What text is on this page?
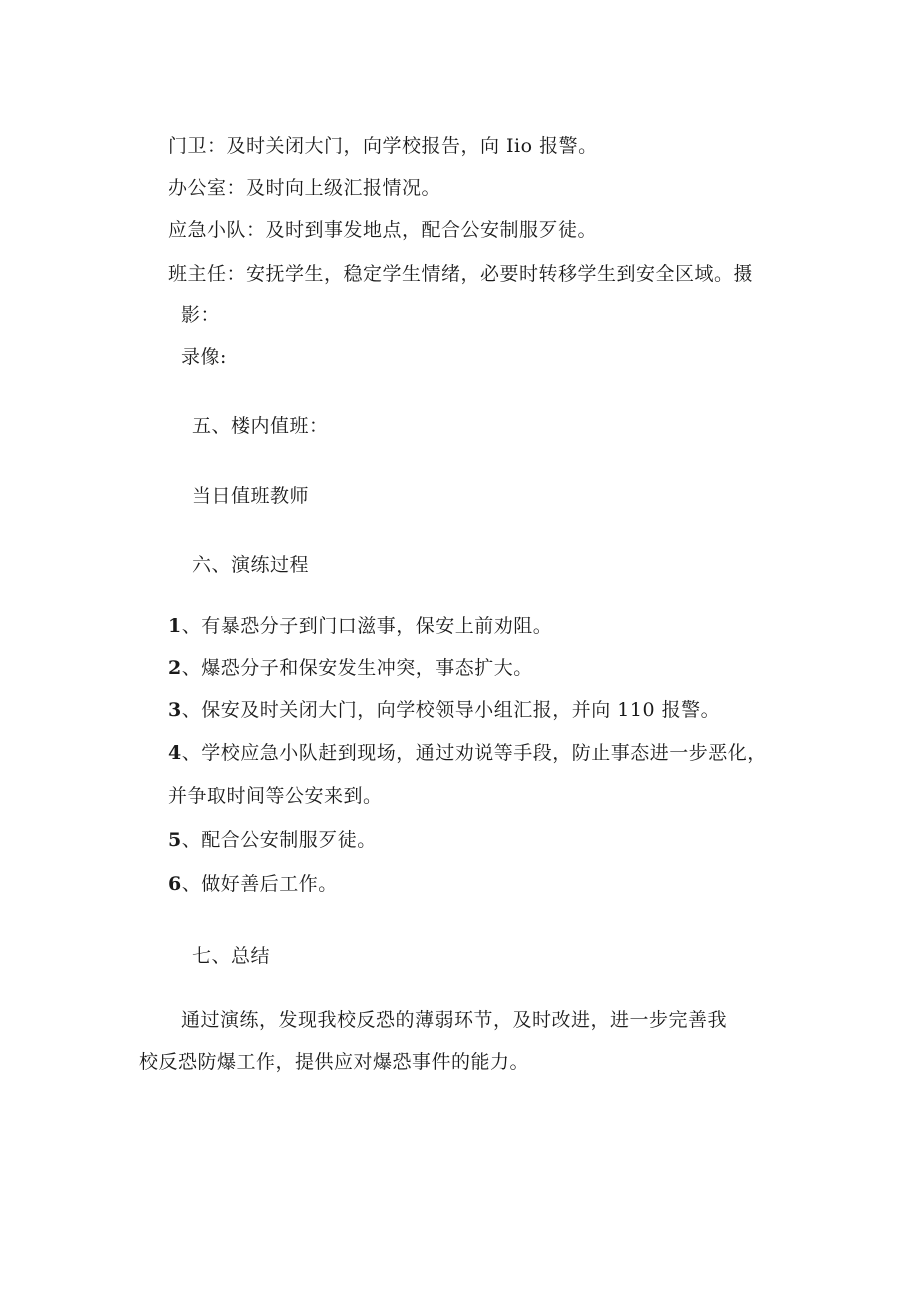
门卫：及时关闭大门，向学校报告，向 Iio 报警。
办公室：及时向上级汇报情况。
应急小队：及时到事发地点，配合公安制服歹徒。
班主任：安抚学生，稳定学生情绪，必要时转移学生到安全区域。摄
影：
录像:
五、楼内值班：
当日值班教师
六、演练过程
1、有暴恐分子到门口滋事，保安上前劝阻。
2、爆恐分子和保安发生冲突，事态扩大。
3、保安及时关闭大门，向学校领导小组汇报，并向 110 报警。
4、学校应急小队赶到现场，通过劝说等手段，防止事态进一步恶化，
并争取时间等公安来到。
5、配合公安制服歹徒。
6、做好善后工作。
七、总结
通过演练，发现我校反恐的薄弱环节，及时改进，进一步完善我
校反恐防爆工作，提供应对爆恐事件的能力。
